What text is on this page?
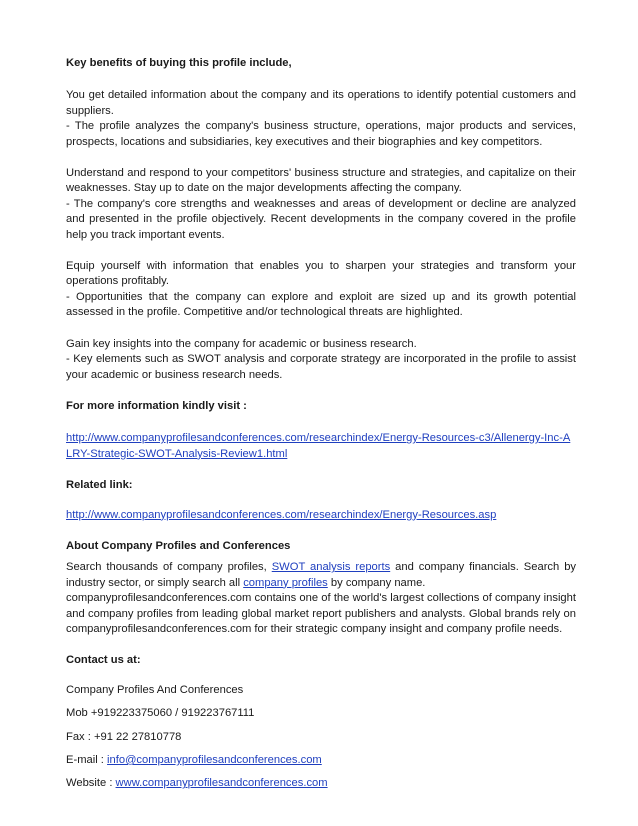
Key benefits of buying this profile include,

You get detailed information about the company and its operations to identify potential customers and suppliers.

- The profile analyzes the company's business structure, operations, major products and services, prospects, locations and subsidiaries, key executives and their biographies and key competitors.

Understand and respond to your competitors' business structure and strategies, and capitalize on their weaknesses. Stay up to date on the major developments affecting the company.

- The company's core strengths and weaknesses and areas of development or decline are analyzed and presented in the profile objectively. Recent developments in the company covered in the profile help you track important events.

Equip yourself with information that enables you to sharpen your strategies and transform your operations profitably.

- Opportunities that the company can explore and exploit are sized up and its growth potential assessed in the profile. Competitive and/or technological threats are highlighted.

Gain key insights into the company for academic or business research.

- Key elements such as SWOT analysis and corporate strategy are incorporated in the profile to assist your academic or business research needs.

For more information kindly visit :

http://www.companyprofilesandconferences.com/researchindex/Energy-Resources-c3/Allenergy-Inc-ALRY-Strategic-SWOT-Analysis-Review1.html

Related link:

http://www.companyprofilesandconferences.com/researchindex/Energy-Resources.asp

About Company Profiles and Conferences

Search thousands of company profiles, SWOT analysis reports and company financials. Search by industry sector, or simply search all company profiles by company name.

companyprofilesandconferences.com contains one of the world's largest collections of company insight and company profiles from leading global market report publishers and analysts. Global brands rely on companyprofilesandconferences.com for their strategic company insight and company profile needs.

Contact us at:

Company Profiles And Conferences

Mob +919223375060 / 919223767111

Fax : +91 22 27810778

E-mail : info@companyprofilesandconferences.com

Website : www.companyprofilesandconferences.com
